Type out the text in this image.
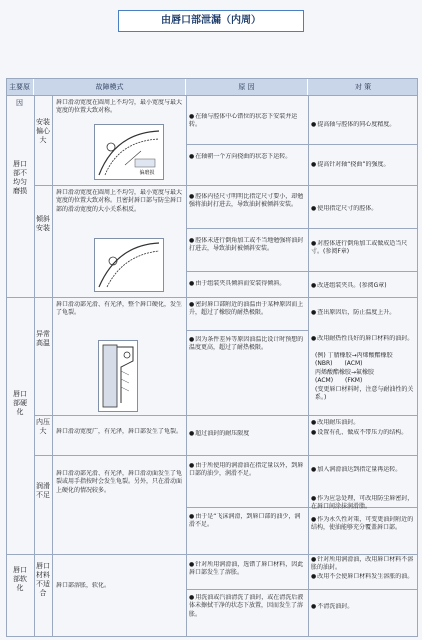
由唇口部泄漏（内周）
主要原因
故障模式	原 因	对 策
唇口部不均匀磨损
唇口部硬化
唇口部软化
安装偏心大
倾斜安装
异常高温
内压大
润滑不足
唇口材料不适合
唇口滑动宽度在圆周上不均匀，最小宽度与最大宽度的位置大致对称。
唇口滑动宽度在圆周上不均匀，最小宽度与最大宽度的位置大致对称。且密封唇口部与防尘唇口部的滑动宽度的大小关系相反。
唇口滑动部光滑、有光泽，整个唇口硬化，发生了龟裂。
唇口滑动宽度广，有光泽，唇口部发生了龟裂。
唇口滑动部光滑、有光泽，唇口滑动面发生了龟裂或用手指按时会发生龟裂。另外，只在滑动面上硬化的情况较多。
唇口部溶胀，软化。
偏磨损
● 在轴与腔体中心错位的状态下安装并运转。
● 在轴朝一个方向挠曲的状态下运转。
● 腔体内径尺寸明明比指定尺寸要小，却勉强将油封打进去，导致油封被倾斜安装。
● 腔体未进行倒角加工或不当地勉强将油封打进去，导致油封被倾斜安装。
● 由于组装夹具倾斜而安装得倾斜。
● 密封唇口部附近的油温由于某种原因而上升，超过了橡胶的耐热极限。
● 因为条件差异等原因油温比设计时预想的温度更高，超过了耐热极限。
● 超过油封的耐压限度
● 由于所使用的润滑油在指定量以外，到唇口部的油少，润滑不足。
● 由于是“飞沫润滑，到唇口部的油少，润滑不足。
● 针对所用润滑油，选错了唇口材料，因此唇口部发生了溶胀。
● 用洗油或汽油清洗了油封，或在清洗后液体未擦拭干净的状态下放置，因而发生了溶胀。
● 提高轴与腔体的同心度精度。
● 提高针对轴“挠曲”的强度。
● 使用指定尺寸的腔体。
● 对腔体进行倒角加工或做成适当尺寸。(参阅F章)
● 改进组装夹具。(参阅G章)
● 查出原因后，防止温度上升。
● 改用耐热性良好的唇口材料的油封。
(例) 丁腈橡胶→丙烯酸酯橡胶
(NBR)　　(ACM)
丙烯酸酯橡胶→氟橡胶
(ACM)　　(FKM)
(变更唇口材料时，注意与耐油性的关系。)
● 改用耐压油封。
● 设置有孔、做成不带压力的结构。
● 加入润滑油达到指定量再运转。
● 作为应急处理，可改用防尘唇密封，在唇口间涂抹润滑脂。
● 作为永久性对策，可变更油封附近的结构，使油能够充分覆盖唇口部。
● 针对所用润滑油，改用唇口材料不溶胀的油封。
● 改用不会使唇口材料发生溶胀的油。
● 不清洗油封。
